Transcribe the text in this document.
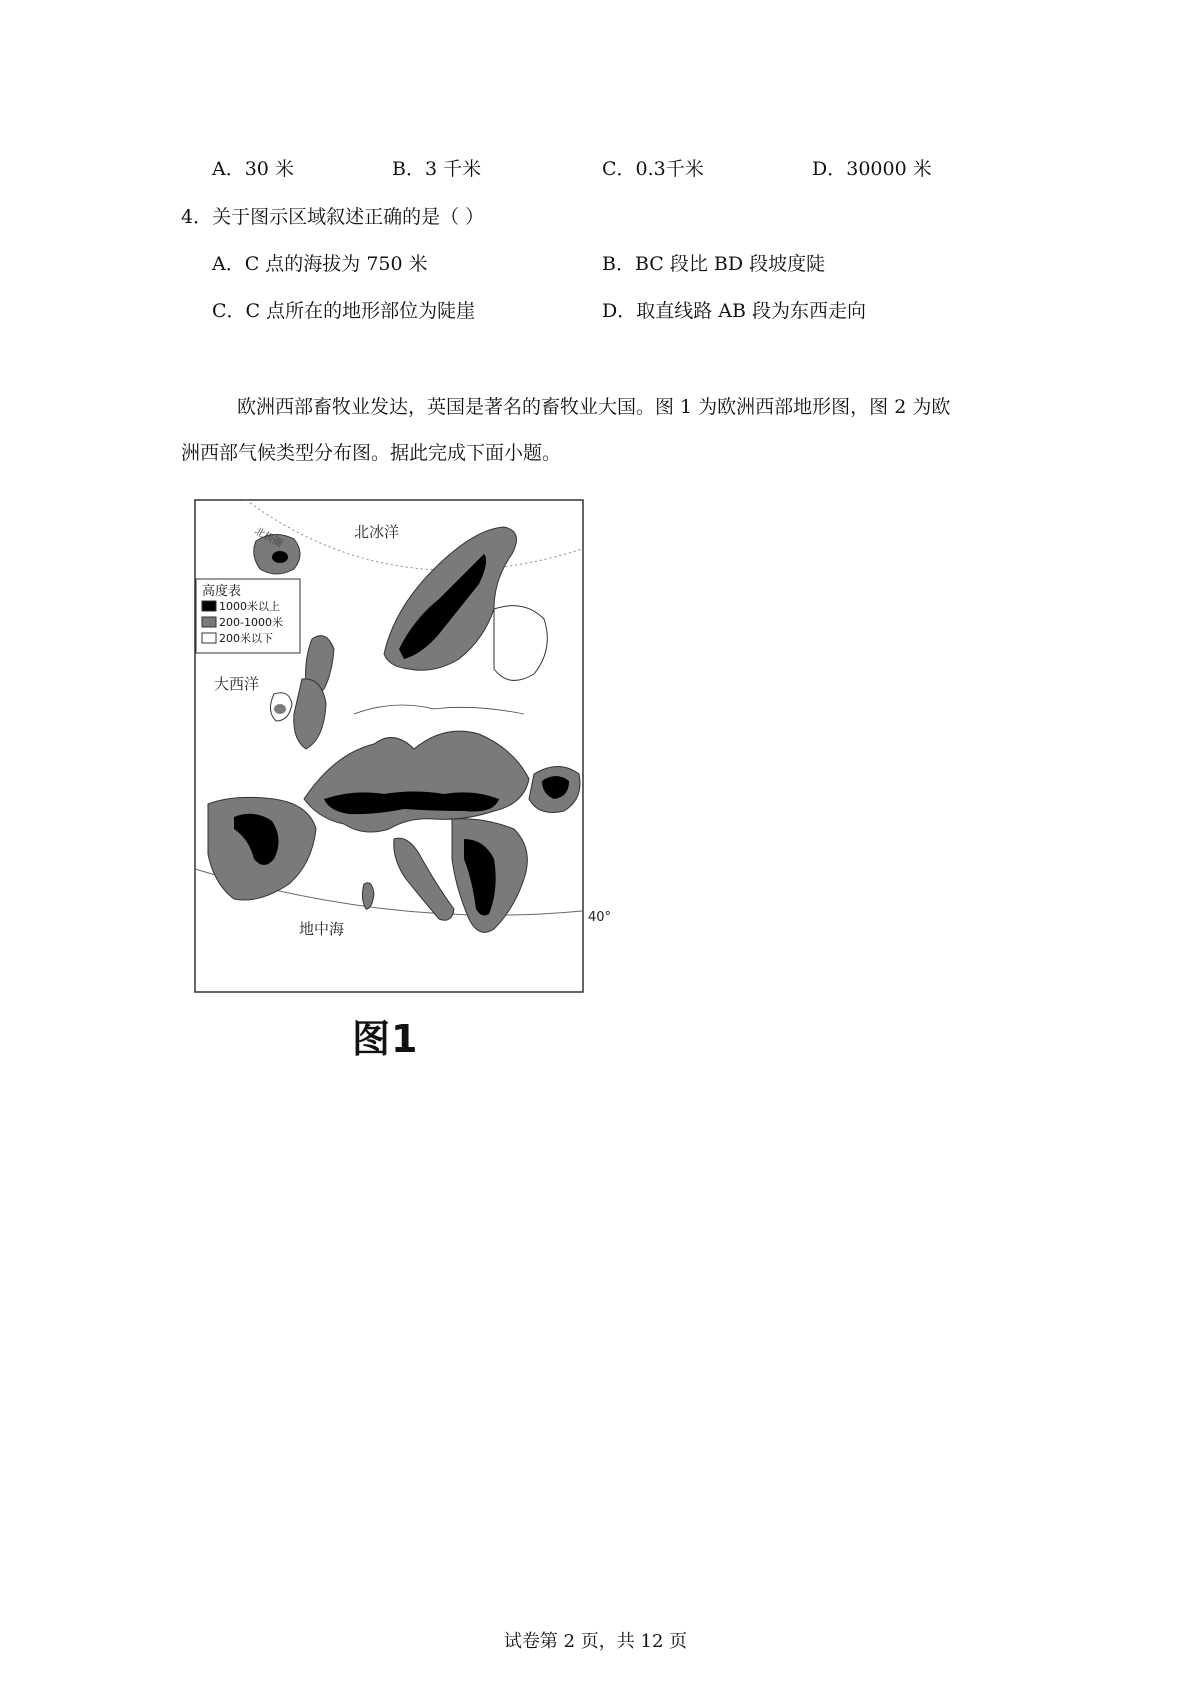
A．30 米	B．3 千米	C．0.3千米	D．30000 米
4．关于图示区域叙述正确的是（ ）
A．C 点的海拔为 750 米	B．BC 段比 BD 段坡度陡
C．C 点所在的地形部位为陡崖	D．取直线路 AB 段为东西走向
欧洲西部畜牧业发达，英国是著名的畜牧业大国。图 1 为欧洲西部地形图，图 2 为欧
洲西部气候类型分布图。据此完成下面小题。
北极圈	北冰洋
大西洋
地中海
40°
高度表
1000米以上
200-1000米
200米以下
图1
试卷第 2 页，共 12 页
